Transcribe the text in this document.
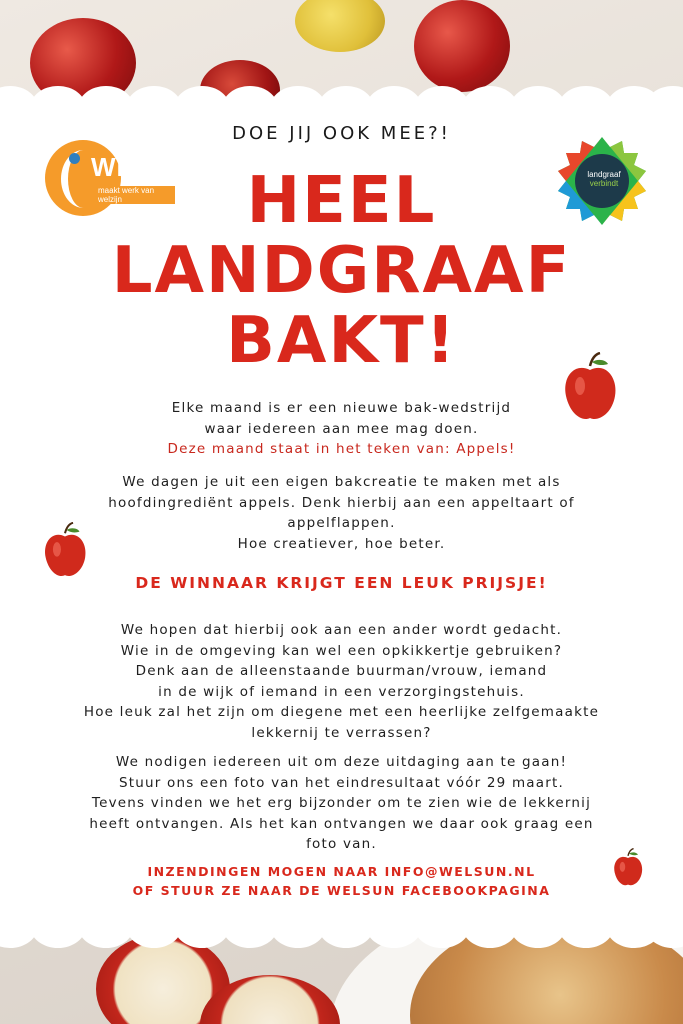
WELSUN
maakt werk van welzijn
landgraaf
verbindt
DOE JIJ OOK MEE?!
HEEL
LANDGRAAF
BAKT!
Elke maand is er een nieuwe bak-wedstrijd
waar iedereen aan mee mag doen.
Deze maand staat in het teken van: Appels!
We dagen je uit een eigen bakcreatie te maken met als
hoofdingrediënt appels. Denk hierbij aan een appeltaart of
appelflappen.
Hoe creatiever, hoe beter.
DE WINNAAR KRIJGT EEN LEUK PRIJSJE!
We hopen dat hierbij ook aan een ander wordt gedacht.
Wie in de omgeving kan wel een opkikkertje gebruiken?
Denk aan de alleenstaande buurman/vrouw, iemand
in de wijk of iemand in een verzorgingstehuis.
Hoe leuk zal het zijn om diegene met een heerlijke zelfgemaakte
lekkernij te verrassen?
We nodigen iedereen uit om deze uitdaging aan te gaan!
Stuur ons een foto van het eindresultaat vóór 29 maart.
Tevens vinden we het erg bijzonder om te zien wie de lekkernij
heeft ontvangen. Als het kan ontvangen we daar ook graag een
foto van.
INZENDINGEN MOGEN NAAR INFO@WELSUN.NL
OF STUUR ZE NAAR DE WELSUN FACEBOOKPAGINA
